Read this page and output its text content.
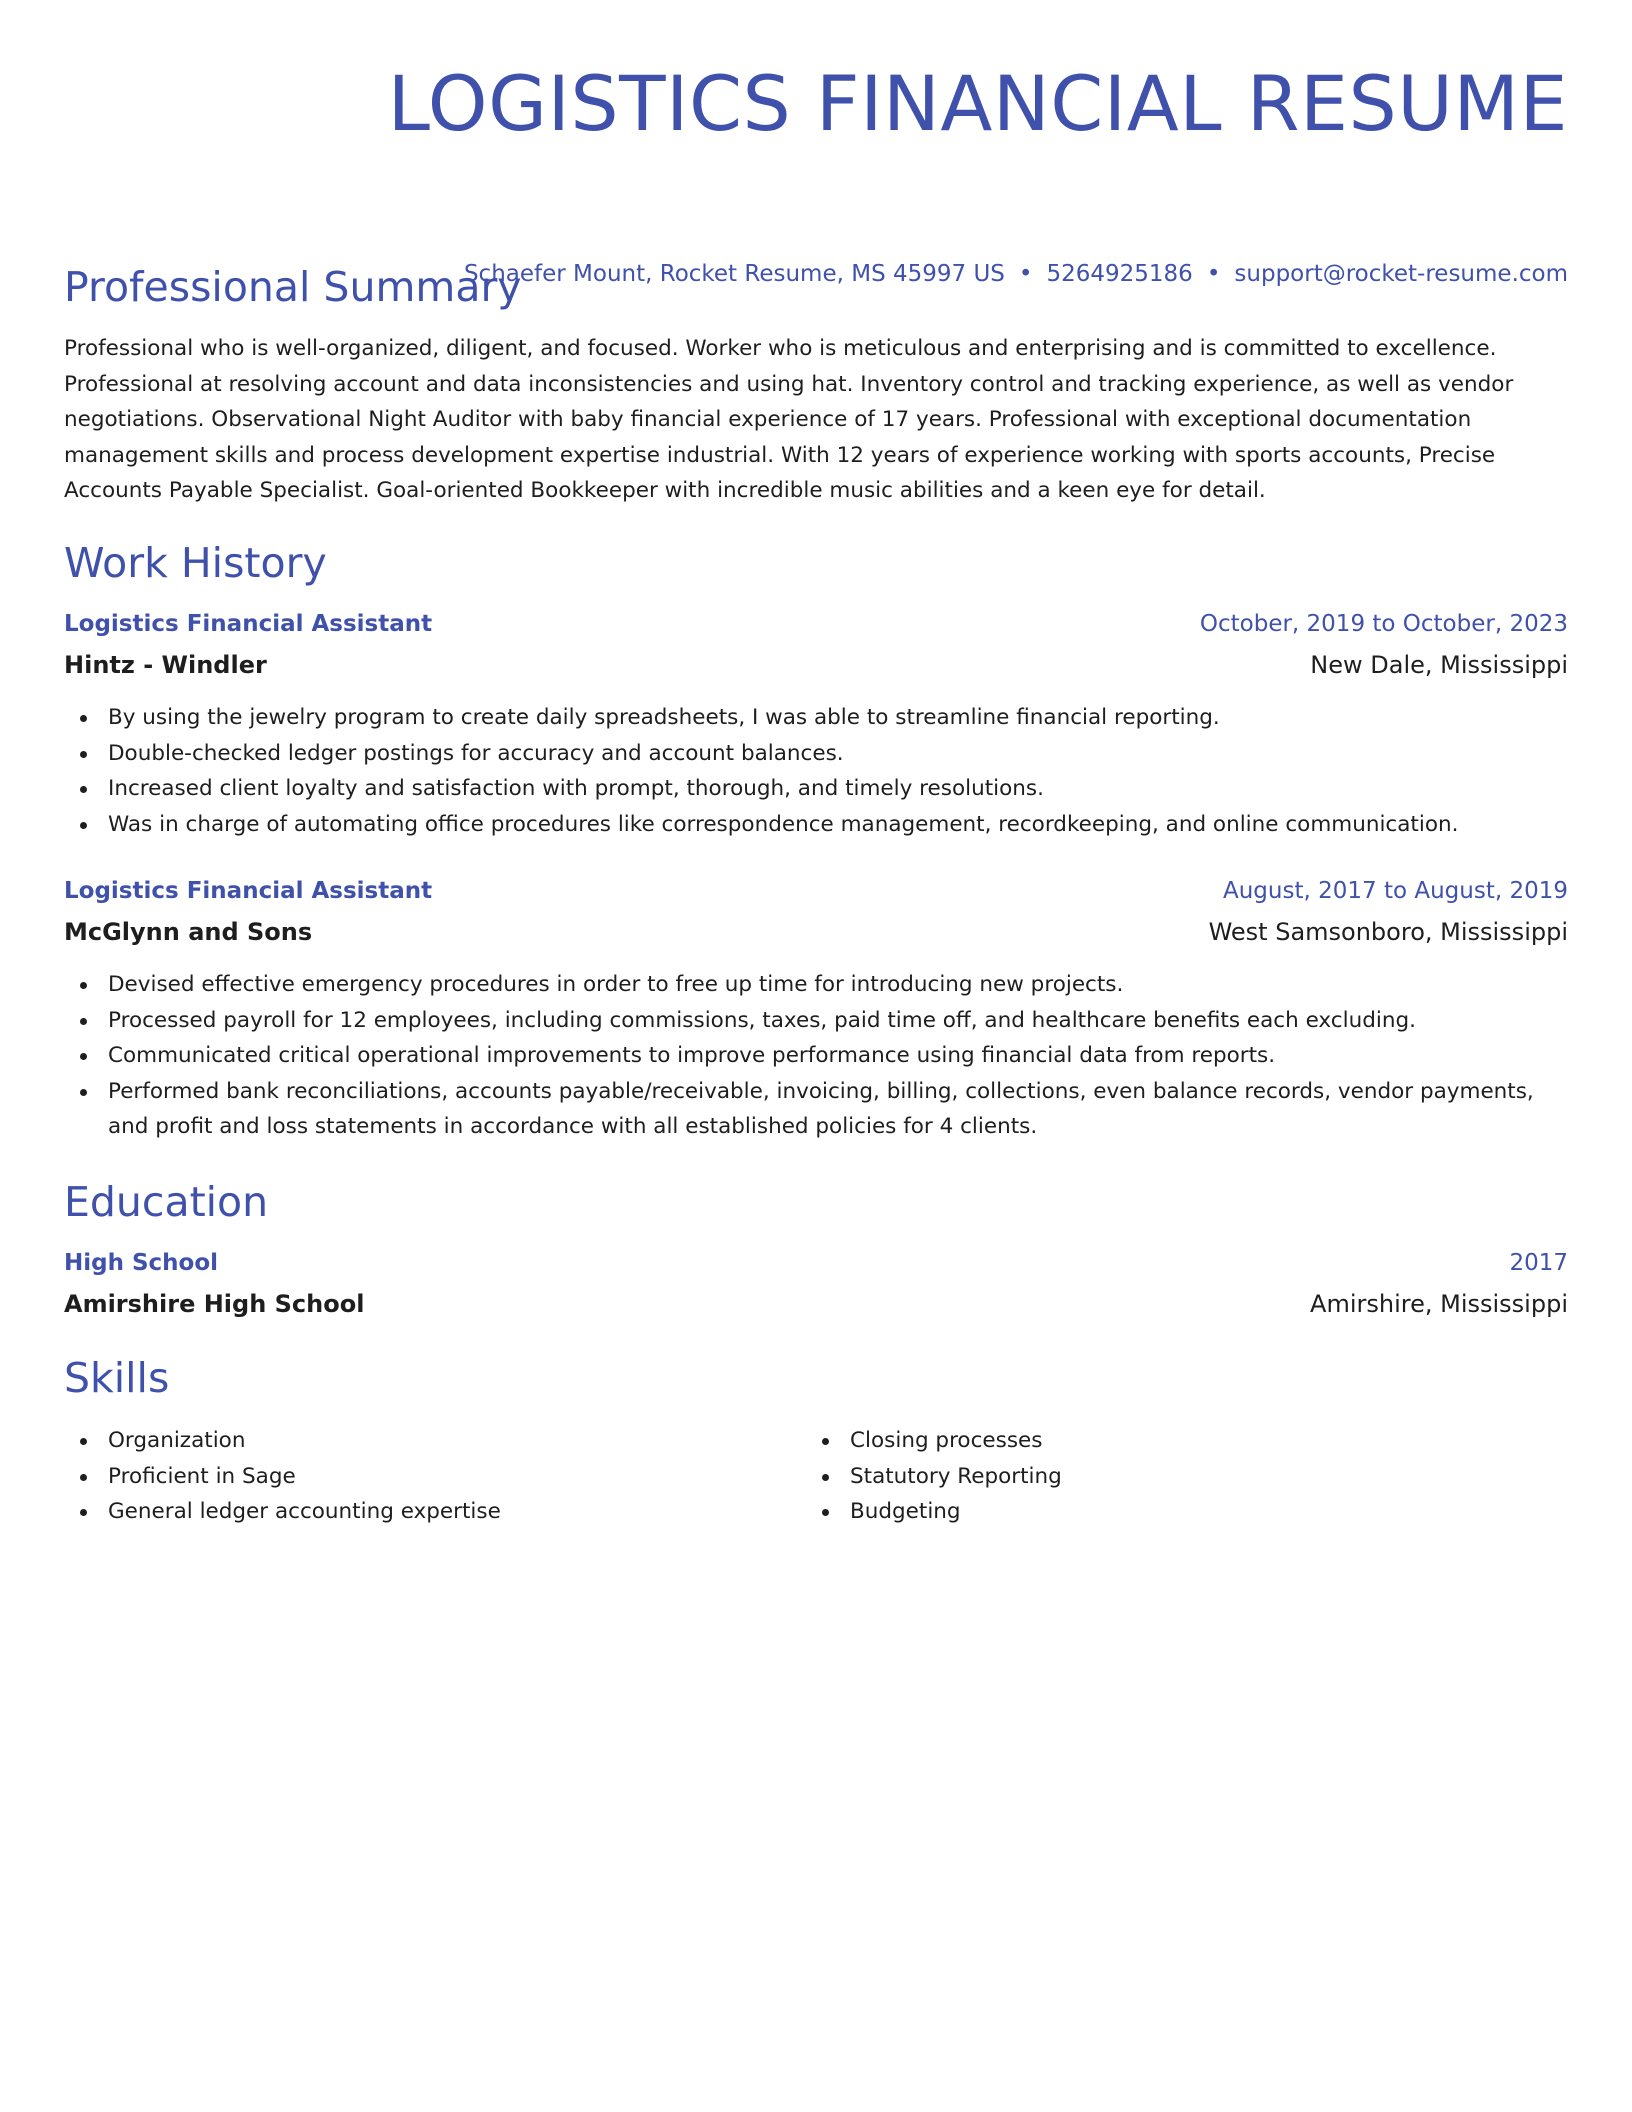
LOGISTICS FINANCIAL RESUME
Schaefer Mount, Rocket Resume, MS 45997 US • 5264925186 • support@rocket-resume.com
Professional Summary

Professional who is well-organized, diligent, and focused. Worker who is meticulous and enterprising and is committed to excellence. Professional at resolving account and data inconsistencies and using hat. Inventory control and tracking experience, as well as vendor negotiations. Observational Night Auditor with baby financial experience of 17 years. Professional with exceptional documentation management skills and process development expertise industrial. With 12 years of experience working with sports accounts, Precise Accounts Payable Specialist. Goal-oriented Bookkeeper with incredible music abilities and a keen eye for detail.

Work History
Logistics Financial Assistant	October, 2019 to October, 2023
Hintz - Windler	New Dale, Mississippi
By using the jewelry program to create daily spreadsheets, I was able to streamline financial reporting.
Double-checked ledger postings for accuracy and account balances.
Increased client loyalty and satisfaction with prompt, thorough, and timely resolutions.
Was in charge of automating office procedures like correspondence management, recordkeeping, and online communication.
Logistics Financial Assistant	August, 2017 to August, 2019
McGlynn and Sons	West Samsonboro, Mississippi
Devised effective emergency procedures in order to free up time for introducing new projects.
Processed payroll for 12 employees, including commissions, taxes, paid time off, and healthcare benefits each excluding.
Communicated critical operational improvements to improve performance using financial data from reports.
Performed bank reconciliations, accounts payable/receivable, invoicing, billing, collections, even balance records, vendor payments, and profit and loss statements in accordance with all established policies for 4 clients.
Education
High School	2017
Amirshire High School	Amirshire, Mississippi
Skills
Organization
Proficient in Sage
General ledger accounting expertise
Closing processes
Statutory Reporting
Budgeting
